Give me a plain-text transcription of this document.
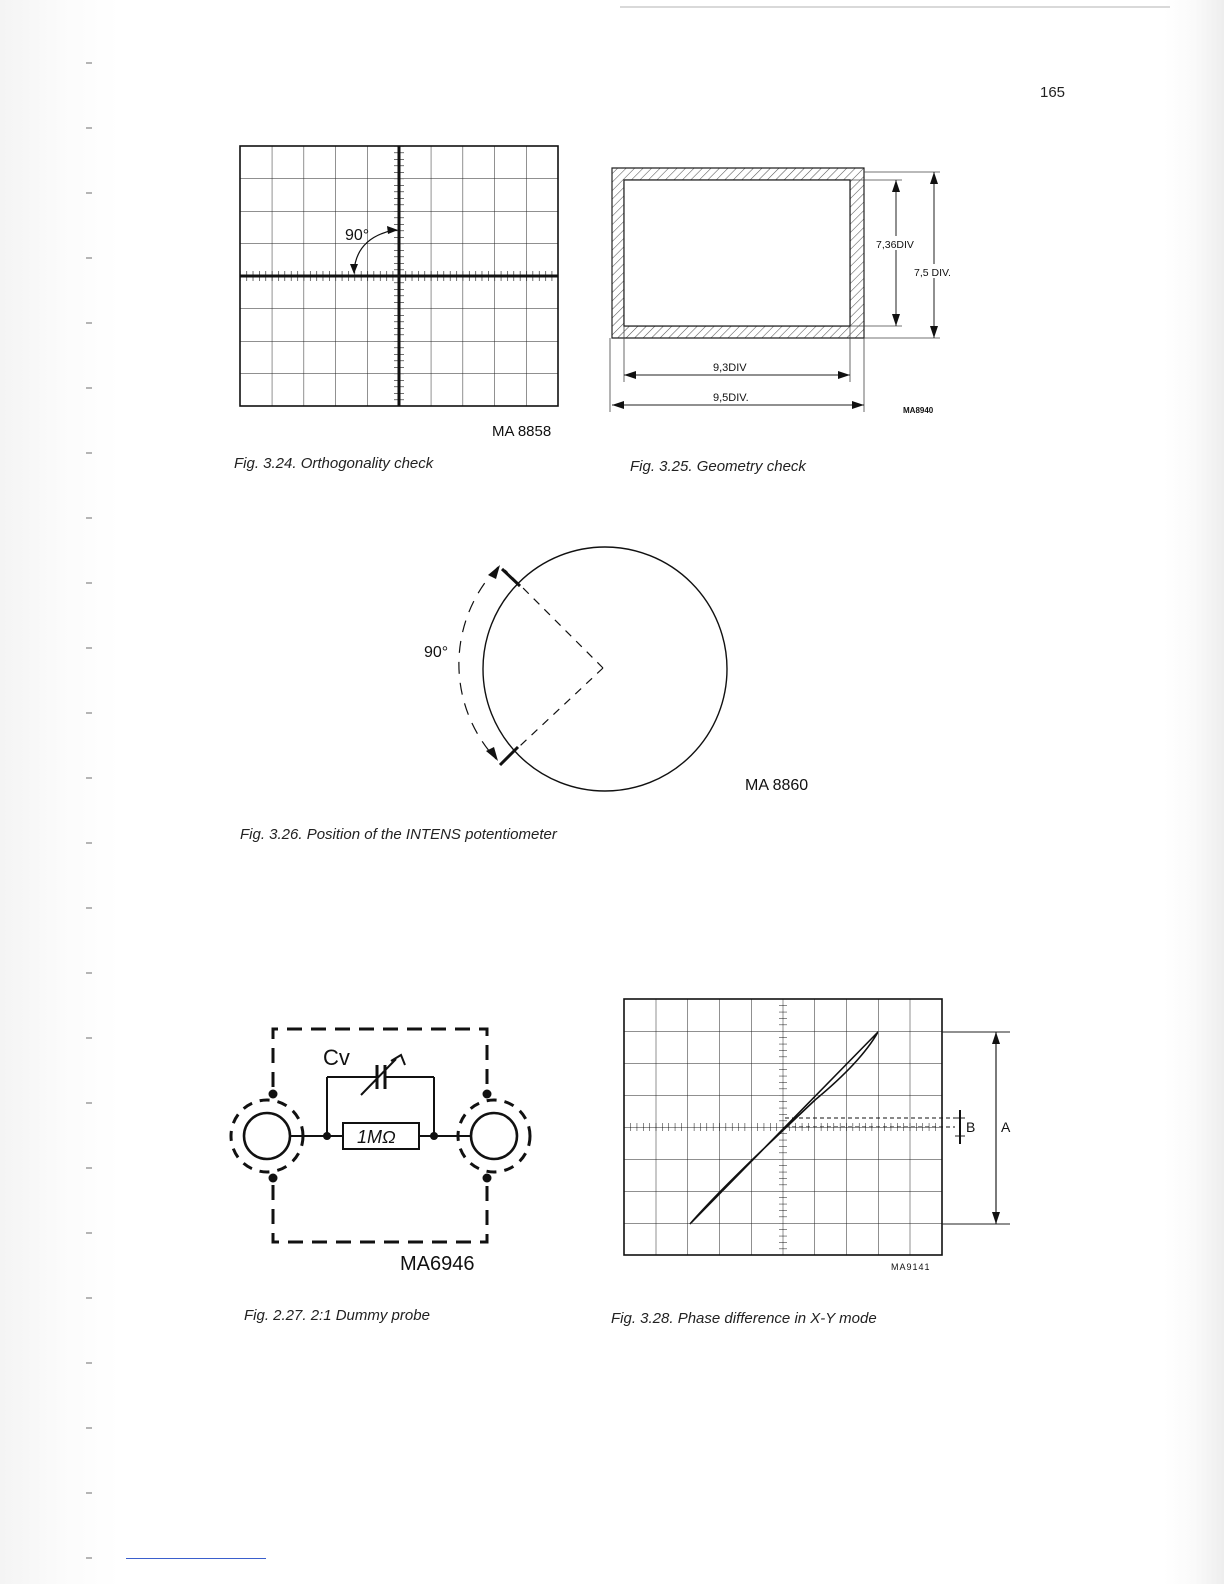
165
90°
MA 8858
Fig. 3.24. Orthogonality check
7,36DIV
7,5 DIV.
9,3DIV
9,5DIV.
MA8940
Fig. 3.25. Geometry check
90°
MA 8860
Fig. 3.26. Position of the INTENS potentiometer
Cv
1MΩ
MA6946
Fig. 2.27. 2:1 Dummy probe
B A
MA9141
Fig. 3.28. Phase difference in X-Y mode
